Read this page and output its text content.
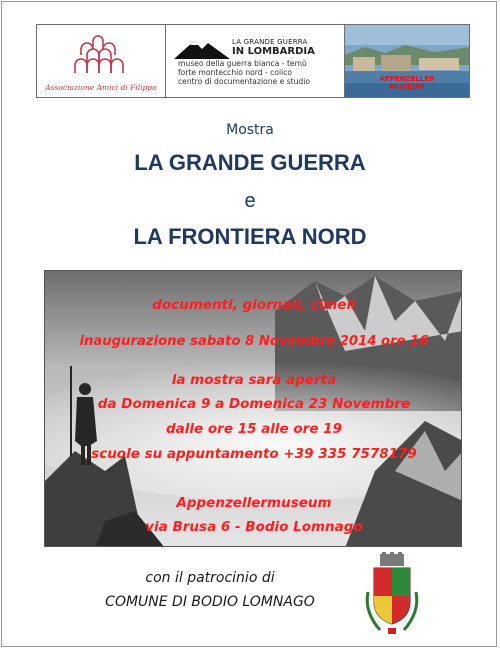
Associazione Amici di Filippo
LA GRANDE GUERRA
IN LOMBARDIA
museo della guerra bianca - temù
forte montecchio nord - colico
centro di documentazione e studio	APPENZELLER
MUSEUM
Mostra
LA GRANDE GUERRA
e
LA FRONTIERA NORD
documenti, giornali, cimeli
inaugurazione sabato 8 Novembre 2014 ore 16
la mostra sarà aperta
da Domenica 9 a Domenica 23 Novembre
dalle ore 15 alle ore 19
scuole su appuntamento +39 335 7578179
Appenzellermuseum
via Brusa 6 - Bodio Lomnago
con il patrocinio di
COMUNE DI BODIO LOMNAGO
